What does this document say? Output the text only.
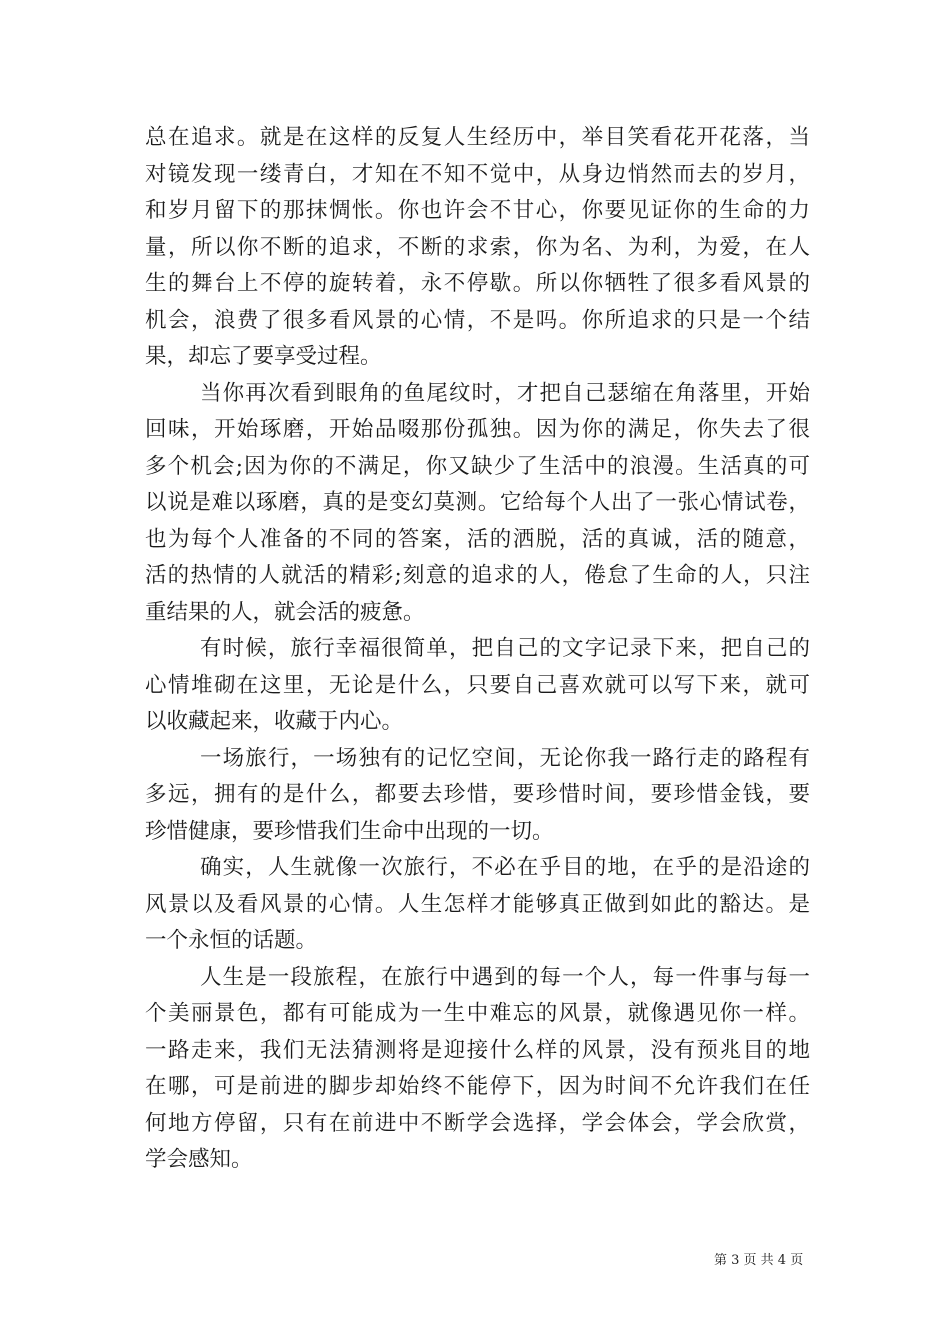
总在追求。就是在这样的反复人生经历中，举目笑看花开花落，当
对镜发现一缕青白，才知在不知不觉中，从身边悄然而去的岁月，
和岁月留下的那抹惆怅。你也许会不甘心，你要见证你的生命的力
量，所以你不断的追求，不断的求索，你为名、为利，为爱，在人
生的舞台上不停的旋转着，永不停歇。所以你牺牲了很多看风景的
机会，浪费了很多看风景的心情，不是吗。你所追求的只是一个结
果，却忘了要享受过程。
当你再次看到眼角的鱼尾纹时，才把自己瑟缩在角落里，开始
回味，开始琢磨，开始品啜那份孤独。因为你的满足，你失去了很
多个机会;因为你的不满足，你又缺少了生活中的浪漫。生活真的可
以说是难以琢磨，真的是变幻莫测。它给每个人出了一张心情试卷，
也为每个人准备的不同的答案，活的洒脱，活的真诚，活的随意，
活的热情的人就活的精彩;刻意的追求的人，倦怠了生命的人，只注
重结果的人，就会活的疲惫。
有时候，旅行幸福很简单，把自己的文字记录下来，把自己的
心情堆砌在这里，无论是什么，只要自己喜欢就可以写下来，就可
以收藏起来，收藏于内心。
一场旅行，一场独有的记忆空间，无论你我一路行走的路程有
多远，拥有的是什么，都要去珍惜，要珍惜时间，要珍惜金钱，要
珍惜健康，要珍惜我们生命中出现的一切。
确实，人生就像一次旅行，不必在乎目的地，在乎的是沿途的
风景以及看风景的心情。人生怎样才能够真正做到如此的豁达。是
一个永恒的话题。
人生是一段旅程，在旅行中遇到的每一个人，每一件事与每一
个美丽景色，都有可能成为一生中难忘的风景，就像遇见你一样。
一路走来，我们无法猜测将是迎接什么样的风景，没有预兆目的地
在哪，可是前进的脚步却始终不能停下，因为时间不允许我们在任
何地方停留，只有在前进中不断学会选择，学会体会，学会欣赏，
学会感知。
第 3 页 共 4 页
